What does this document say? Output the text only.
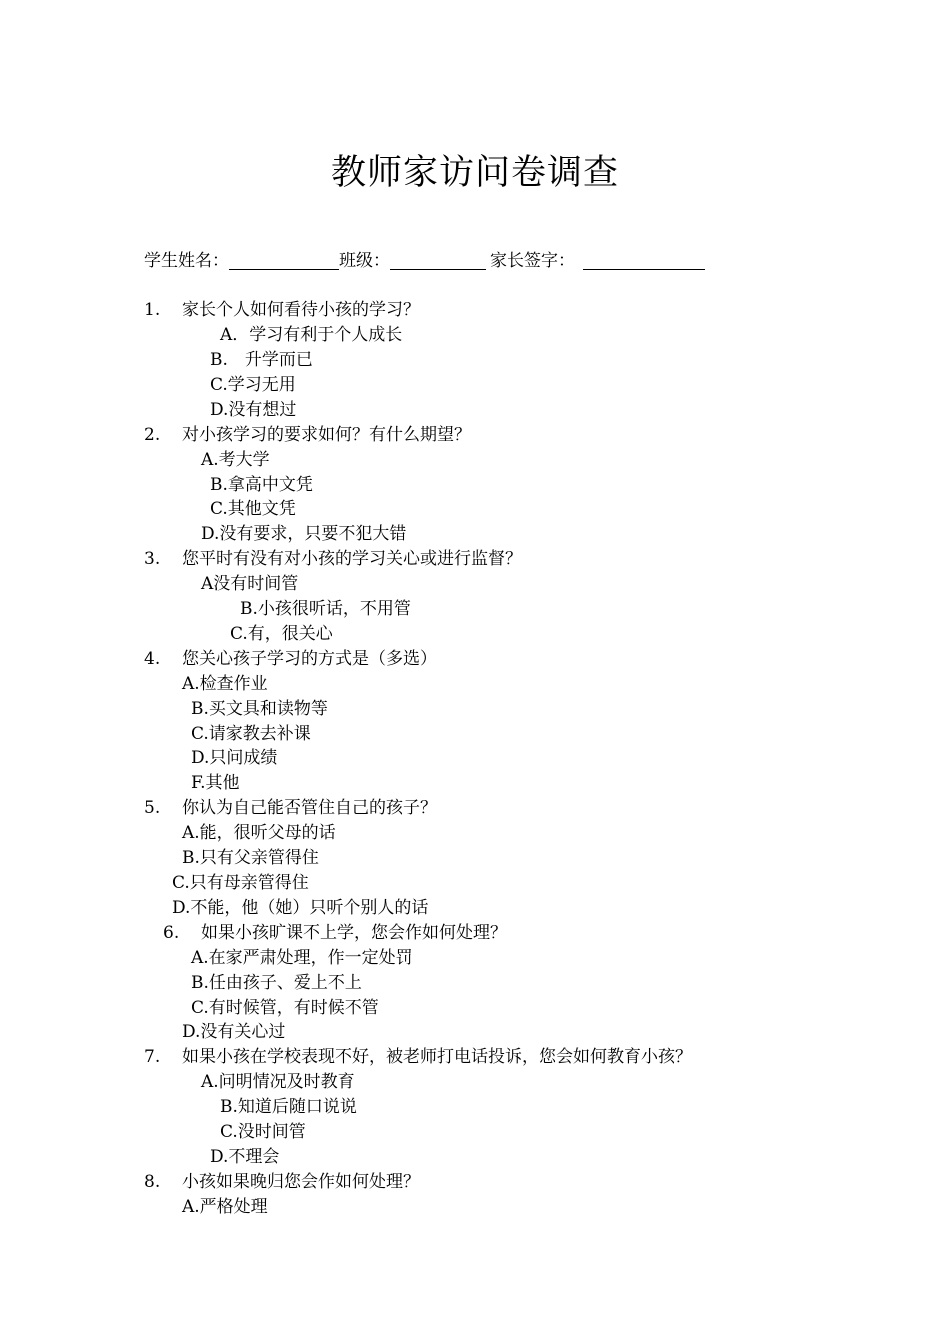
教师家访问卷调查
学生姓名：	班级：	家长签字：
1. 家长个人如何看待小孩的学习？
A．学习有利于个人成长
B.　升学而已
C.学习无用
D.没有想过
2. 对小孩学习的要求如何？有什么期望？
A.考大学
B.拿高中文凭
C.其他文凭
D.没有要求，只要不犯大错
3. 您平时有没有对小孩的学习关心或进行监督？
A没有时间管
B.小孩很听话，不用管
C.有，很关心
4. 您关心孩子学习的方式是（多选）
A.检查作业
B.买文具和读物等
C.请家教去补课
D.只问成绩
F.其他
5. 你认为自己能否管住自己的孩子？
A.能，很听父母的话
B.只有父亲管得住
C.只有母亲管得住
D.不能，他（她）只听个别人的话
6. 如果小孩旷课不上学，您会作如何处理？
A.在家严肃处理，作一定处罚
B.任由孩子、爱上不上
C.有时候管，有时候不管
D.没有关心过
7. 如果小孩在学校表现不好，被老师打电话投诉，您会如何教育小孩？
A.问明情况及时教育
B.知道后随口说说
C.没时间管
D.不理会
8. 小孩如果晚归您会作如何处理？
A.严格处理
